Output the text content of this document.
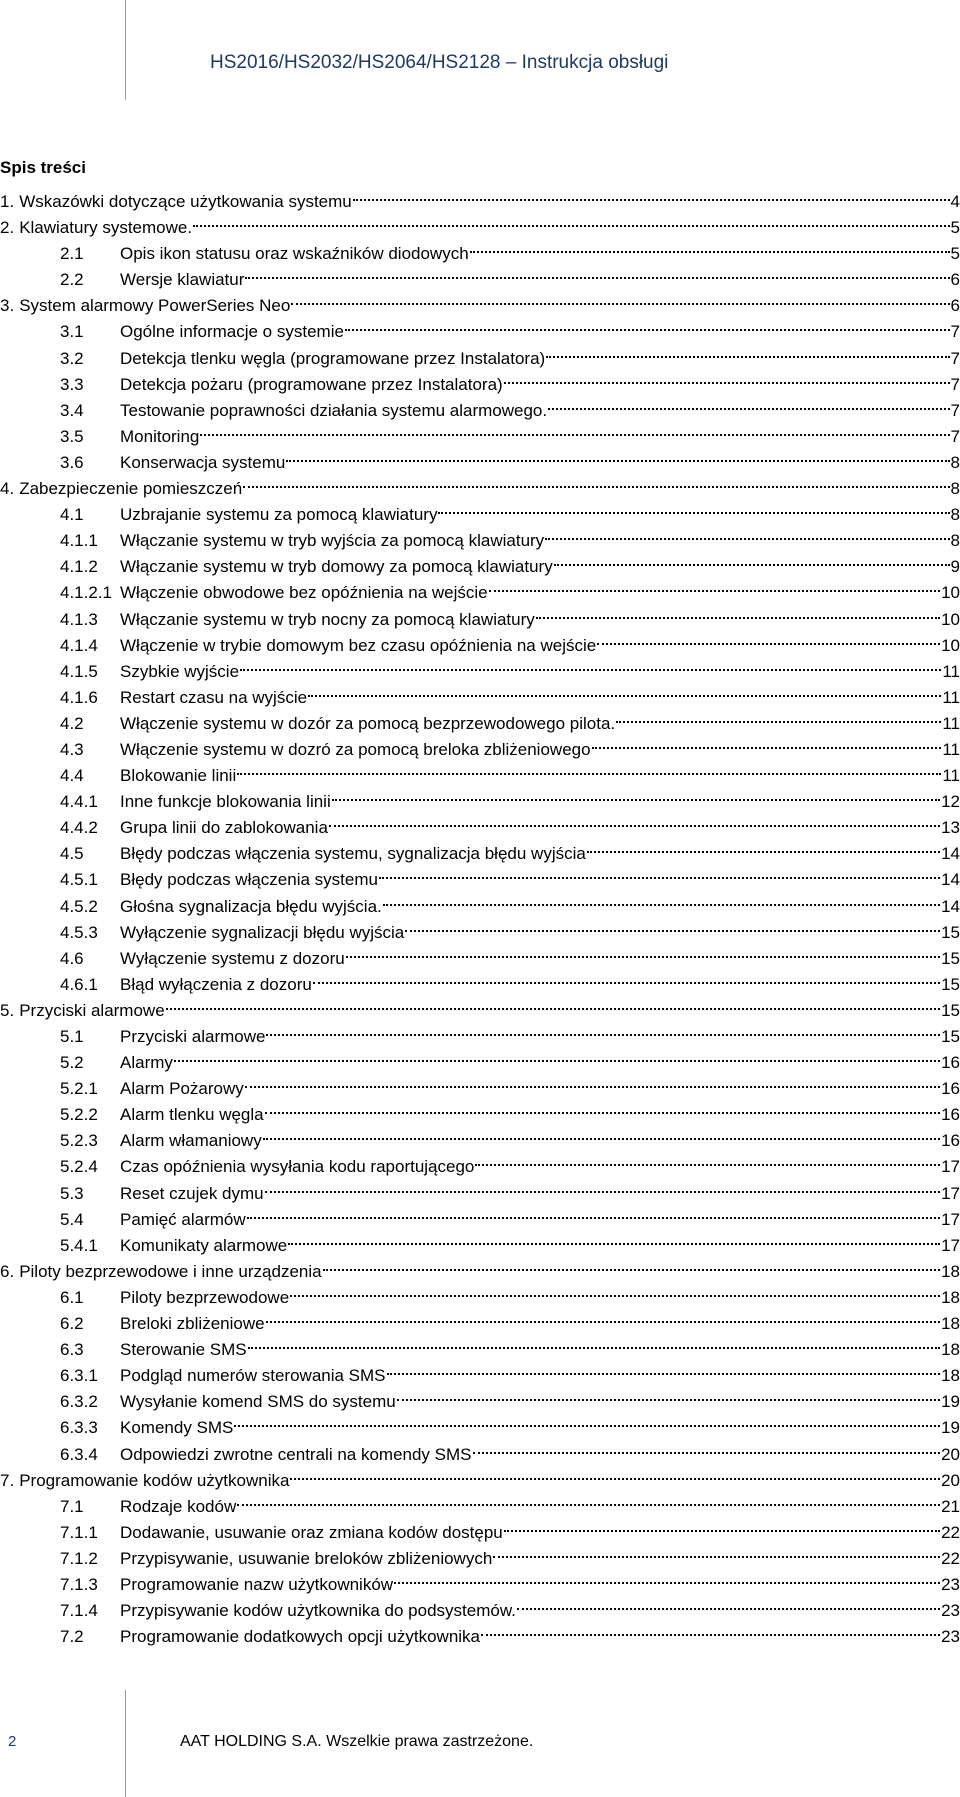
HS2016/HS2032/HS2064/HS2128 – Instrukcja obsługi
Spis treści
1. Wskazówki dotyczące użytkowania systemu	4
2. Klawiatury systemowe.	5
2.1	Opis ikon statusu oraz wskaźników diodowych	5
2.2	Wersje klawiatur	6
3. System alarmowy PowerSeries Neo	6
3.1	Ogólne informacje o systemie	7
3.2	Detekcja tlenku węgla (programowane przez Instalatora)	7
3.3	Detekcja pożaru (programowane przez Instalatora)	7
3.4	Testowanie poprawności działania systemu alarmowego.	7
3.5	Monitoring	7
3.6	Konserwacja systemu	8
4. Zabezpieczenie pomieszczeń	8
4.1	Uzbrajanie systemu za pomocą klawiatury	8
4.1.1	Włączanie systemu w tryb wyjścia za pomocą klawiatury	8
4.1.2	Włączanie systemu w tryb domowy za pomocą klawiatury	9
4.1.2.1 Włączenie obwodowe bez opóźnienia na wejście	10
4.1.3	Włączanie systemu w tryb nocny za pomocą klawiatury	10
4.1.4	Włączenie w trybie domowym bez czasu opóźnienia na wejście	10
4.1.5	Szybkie wyjście	11
4.1.6	Restart czasu na wyjście	11
4.2	Włączenie systemu w dozór za pomocą bezprzewodowego pilota.	11
4.3	Włączenie systemu w dozró za pomocą breloka zbliżeniowego	11
4.4	Blokowanie linii	11
4.4.1	Inne funkcje blokowania linii	12
4.4.2	Grupa linii do zablokowania	13
4.5	Błędy podczas włączenia systemu, sygnalizacja błędu wyjścia	14
4.5.1	Błędy podczas włączenia systemu	14
4.5.2	Głośna sygnalizacja błędu wyjścia.	14
4.5.3	Wyłączenie sygnalizacji błędu wyjścia	15
4.6	Wyłączenie systemu z dozoru	15
4.6.1	Błąd wyłączenia z dozoru	15
5. Przyciski alarmowe	15
5.1	Przyciski alarmowe	15
5.2	Alarmy	16
5.2.1	Alarm Pożarowy	16
5.2.2	Alarm tlenku węgla	16
5.2.3	Alarm włamaniowy	16
5.2.4	Czas opóźnienia wysyłania kodu raportującego	17
5.3	Reset czujek dymu	17
5.4	Pamięć alarmów	17
5.4.1	Komunikaty alarmowe	17
6. Piloty bezprzewodowe i inne urządzenia	18
6.1	Piloty bezprzewodowe	18
6.2	Breloki zbliżeniowe	18
6.3	Sterowanie SMS	18
6.3.1	Podgląd numerów sterowania SMS	18
6.3.2	Wysyłanie komend SMS do systemu	19
6.3.3	Komendy SMS	19
6.3.4	Odpowiedzi zwrotne centrali na komendy SMS	20
7. Programowanie kodów użytkownika	20
7.1	Rodzaje kodów	21
7.1.1	Dodawanie, usuwanie oraz zmiana kodów dostępu	22
7.1.2	Przypisywanie, usuwanie breloków zbliżeniowych	22
7.1.3	Programowanie nazw użytkowników	23
7.1.4	Przypisywanie kodów użytkownika do podsystemów.	23
7.2	Programowanie dodatkowych opcji użytkownika	23
2	AAT HOLDING S.A. Wszelkie prawa zastrzeżone.
